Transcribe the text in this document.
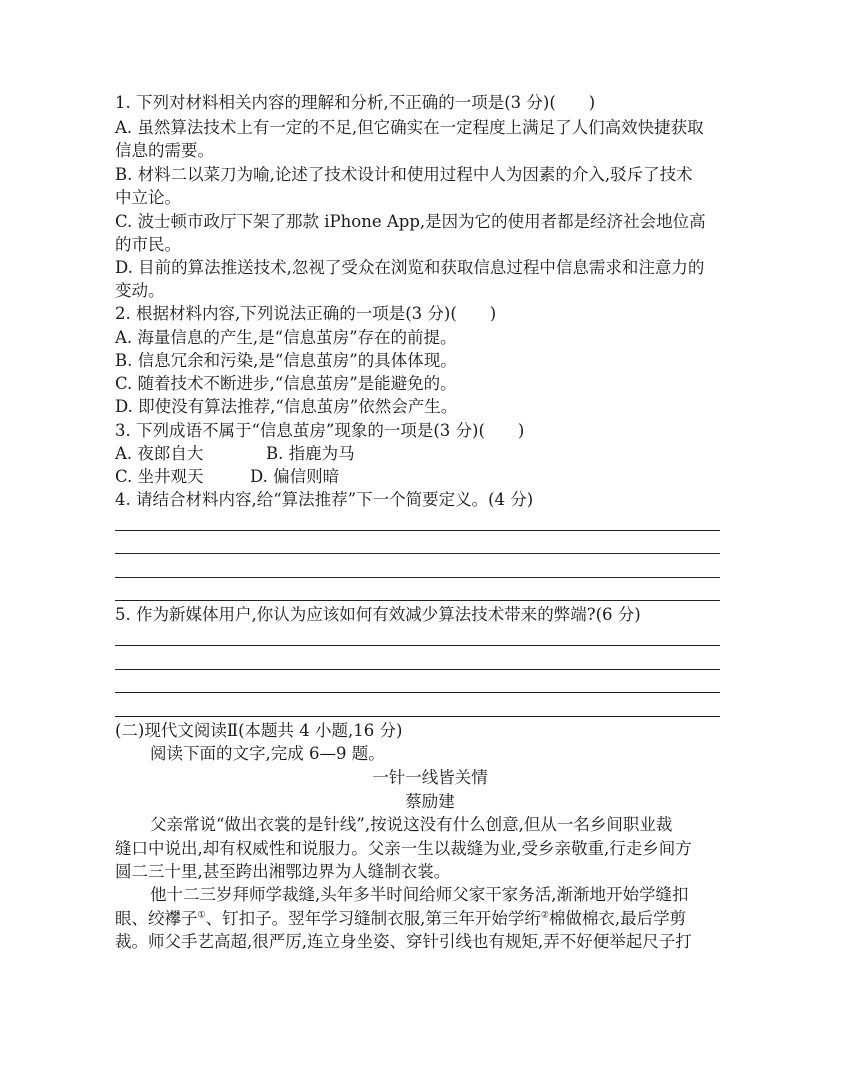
1. 下列对材料相关内容的理解和分析,不正确的一项是(3 分)(　　)
A. 虽然算法技术上有一定的不足,但它确实在一定程度上满足了人们高效快捷获取
信息的需要。
B. 材料二以菜刀为喻,论述了技术设计和使用过程中人为因素的介入,驳斥了技术
中立论。
C. 波士顿市政厅下架了那款 iPhone App,是因为它的使用者都是经济社会地位高
的市民。
D. 目前的算法推送技术,忽视了受众在浏览和获取信息过程中信息需求和注意力的
变动。
2. 根据材料内容,下列说法正确的一项是(3 分)(　　)
A. 海量信息的产生,是“信息茧房”存在的前提。
B. 信息冗余和污染,是“信息茧房”的具体体现。
C. 随着技术不断进步,“信息茧房”是能避免的。
D. 即使没有算法推荐,“信息茧房”依然会产生。
3. 下列成语不属于“信息茧房”现象的一项是(3 分)(　　)
A. 夜郎自大	B. 指鹿为马
C. 坐井观天	D. 偏信则暗
4. 请结合材料内容,给“算法推荐”下一个简要定义。(4 分)
5. 作为新媒体用户,你认为应该如何有效减少算法技术带来的弊端?(6 分)
(二)现代文阅读Ⅱ(本题共 4 小题,16 分)
阅读下面的文字,完成 6—9 题。
一针一线皆关情
蔡励建
父亲常说“做出衣裳的是针线”,按说这没有什么创意,但从一名乡间职业裁
缝口中说出,却有权威性和说服力。父亲一生以裁缝为业,受乡亲敬重,行走乡间方
圆二三十里,甚至跨出湘鄂边界为人缝制衣裳。
他十二三岁拜师学裁缝,头年多半时间给师父家干家务活,渐渐地开始学缝扣
眼、绞襻子①、钉扣子。翌年学习缝制衣服,第三年开始学绗②棉做棉衣,最后学剪
裁。师父手艺高超,很严厉,连立身坐姿、穿针引线也有规矩,弄不好便举起尺子打
